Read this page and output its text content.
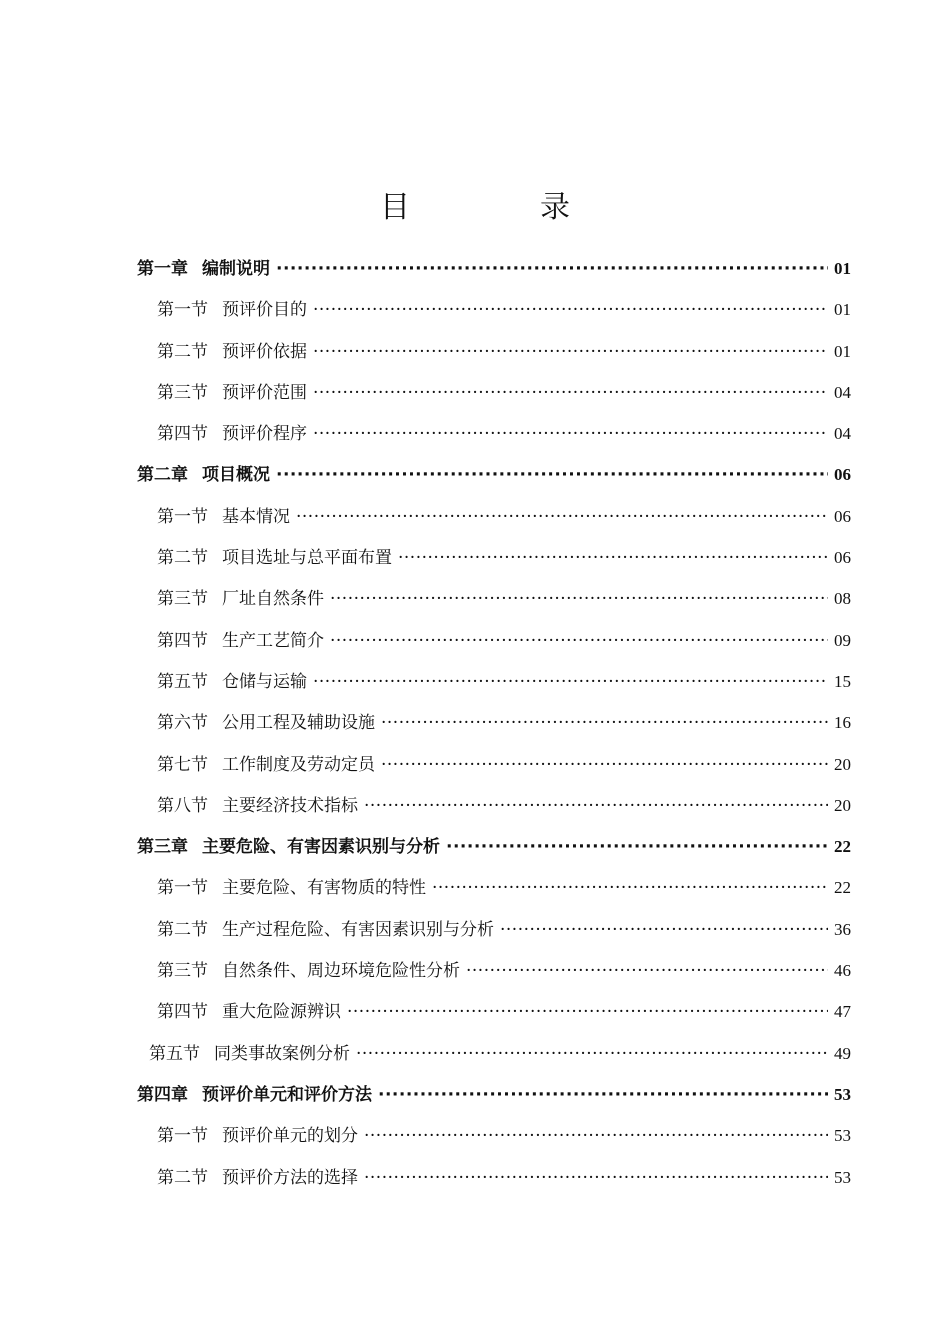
目　录
第一章 编制说明 ·····	01
第一节 预评价目的 ·····	01
第二节 预评价依据 ·····	01
第三节 预评价范围 ·····	04
第四节 预评价程序 ·····	04
第二章 项目概况 ·····	06
第一节 基本情况 ·····	06
第二节 项目选址与总平面布置 ·····	06
第三节 厂址自然条件 ·····	08
第四节 生产工艺简介 ·····	09
第五节 仓储与运输 ·····	15
第六节 公用工程及辅助设施 ·····	16
第七节 工作制度及劳动定员 ·····	20
第八节 主要经济技术指标 ·····	20
第三章 主要危险、有害因素识别与分析 ·····	22
第一节 主要危险、有害物质的特性 ·····	22
第二节 生产过程危险、有害因素识别与分析 ·····	36
第三节 自然条件、周边环境危险性分析 ·····	46
第四节 重大危险源辨识 ·····	47
第五节 同类事故案例分析 ·····	49
第四章 预评价单元和评价方法 ·····	53
第一节 预评价单元的划分 ·····	53
第二节 预评价方法的选择 ·····	53
